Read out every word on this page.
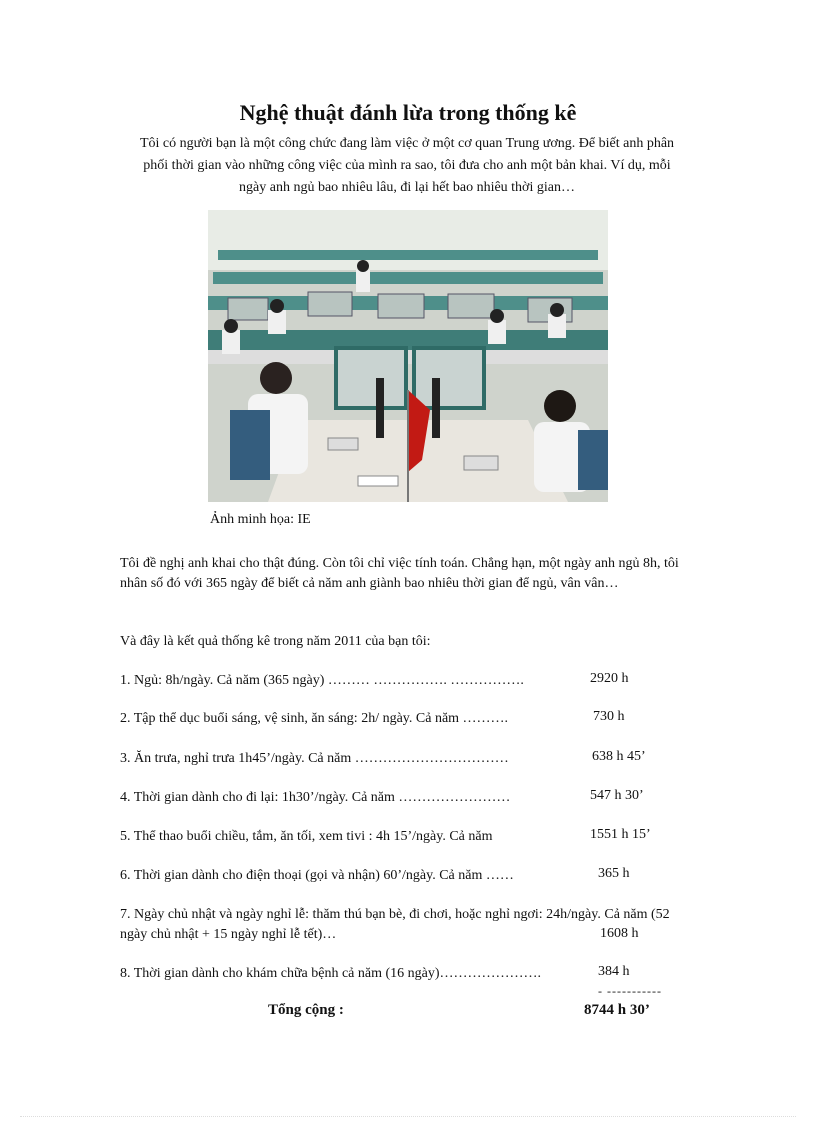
Nghệ thuật đánh lừa trong thống kê
Tôi có người bạn là một công chức đang làm việc ở một cơ quan Trung ương. Để biết anh phân phối thời gian vào những công việc của mình ra sao, tôi đưa cho anh một bản khai. Ví dụ, mỗi ngày anh ngủ bao nhiêu lâu, đi lại hết bao nhiêu thời gian…
Ảnh minh họa: IE
Tôi đề nghị anh khai cho thật đúng. Còn tôi chỉ việc tính toán. Chẳng hạn, một ngày anh ngủ 8h, tôi nhân số đó với 365 ngày để biết cả năm anh giành bao nhiêu thời gian để ngủ, vân vân…
Và đây là kết quả thống kê trong năm 2011 của bạn tôi:
1. Ngủ: 8h/ngày. Cả năm (365 ngày) ……… ……………. …………….	2920 h
2. Tập thể dục buổi sáng, vệ sinh, ăn sáng: 2h/ ngày. Cả năm ……….	730 h
3. Ăn trưa, nghỉ trưa 1h45’/ngày. Cả năm ……………………………	638 h 45’
4. Thời gian dành cho đi lại: 1h30’/ngày. Cả năm ……………………	547 h 30’
5. Thể thao buổi chiều, tắm, ăn tối, xem tivi : 4h 15’/ngày. Cả năm	1551 h 15’
6. Thời gian dành cho điện thoại (gọi và nhận) 60’/ngày. Cả năm ……	365 h
7. Ngày chủ nhật và ngày nghỉ lễ: thăm thú bạn bè, đi chơi, hoặc nghỉ ngơi: 24h/ngày. Cả năm (52 ngày chủ nhật + 15 ngày nghỉ lễ tết)…	1608 h
8. Thời gian dành cho khám chữa bệnh cả năm (16 ngày)………………….	384 h
- -----------
Tổng cộng :	8744 h 30’
